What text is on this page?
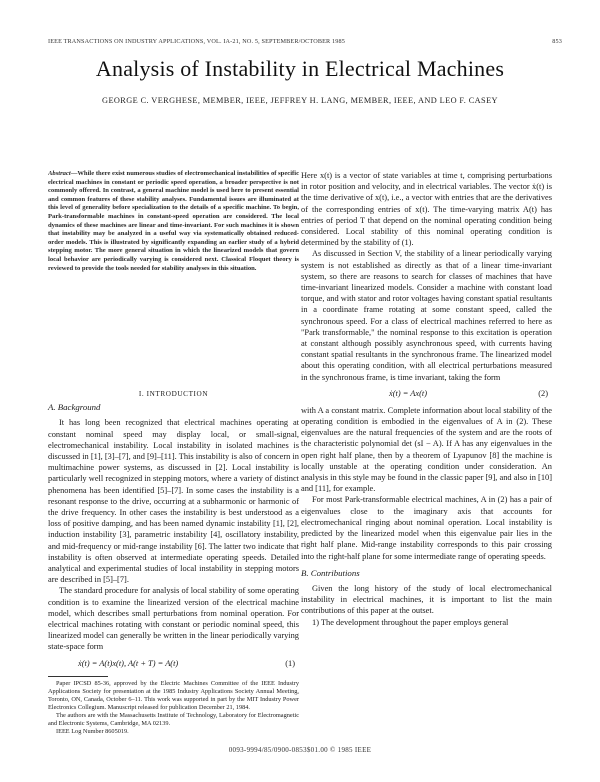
IEEE TRANSACTIONS ON INDUSTRY APPLICATIONS, VOL. IA-21, NO. 5, SEPTEMBER/OCTOBER 1985	853
Analysis of Instability in Electrical Machines
GEORGE C. VERGHESE, MEMBER, IEEE, JEFFREY H. LANG, MEMBER, IEEE, AND LEO F. CASEY
Abstract—While there exist numerous studies of electromechanical instabilities of specific electrical machines in constant or periodic speed operation, a broader perspective is not commonly offered. In contrast, a general machine model is used here to present essential and common features of these stability analyses. Fundamental issues are illuminated at this level of generality before specialization to the details of a specific machine. To begin, Park-transformable machines in constant-speed operation are considered. The local dynamics of these machines are linear and time-invariant. For such machines it is shown that instability may be analyzed in a useful way via systematically obtained reduced-order models. This is illustrated by significantly expanding an earlier study of a hybrid stepping motor. The more general situation in which the linearized models that govern local behavior are periodically varying is considered next. Classical Floquet theory is reviewed to provide the tools needed for stability analyses in this situation.
I. INTRODUCTION
A. Background

It has long been recognized that electrical machines operating at constant nominal speed may display local, or small-signal, electromechanical instability. Local instability in isolated machines is discussed in [1], [3]–[7], and [9]–[11]. This instability is also of concern in multimachine power systems, as discussed in [2]. Local instability is particularly well recognized in stepping motors, where a variety of distinct phenomena has been identified [5]–[7]. In some cases the instability is a resonant response to the drive, occurring at a subharmonic or harmonic of the drive frequency. In other cases the instability is best understood as a loss of positive damping, and has been named dynamic instability [1], [2], induction instability [3], parametric instability [4], oscillatory instability, and mid-frequency or mid-range instability [6]. The latter two indicate that instability is often observed at intermediate operating speeds. Detailed analytical and experimental studies of local instability in stepping motors are described in [5]–[7].

The standard procedure for analysis of local stability of some operating condition is to examine the linearized version of the electrical machine model, which describes small perturbations from nominal operation. For electrical machines rotating with constant or periodic nominal speed, this linearized model can generally be written in the linear periodically varying state-space form

ẋ(t) = A(t)x(t), A(t + T) = A(t)	(1)

Paper IPCSD 85-36, approved by the Electric Machines Committee of the IEEE Industry Applications Society for presentation at the 1985 Industry Applications Society Annual Meeting, Toronto, ON, Canada, October 6–11. This work was supported in part by the MIT Industry Power Electronics Collegium. Manuscript released for publication December 21, 1984.

The authors are with the Massachusetts Institute of Technology, Laboratory for Electromagnetic and Electronic Systems, Cambridge, MA 02139.

IEEE Log Number 8605019.

Here x(t) is a vector of state variables at time t, comprising perturbations in rotor position and velocity, and in electrical variables. The vector ẋ(t) is the time derivative of x(t), i.e., a vector with entries that are the derivatives of the corresponding entries of x(t). The time-varying matrix A(t) has entries of period T that depend on the nominal operating condition being considered. Local stability of this nominal operating condition is determined by the stability of (1).

As discussed in Section V, the stability of a linear periodically varying system is not established as directly as that of a linear time-invariant system, so there are reasons to search for classes of machines that have time-invariant linearized models. Consider a machine with constant load torque, and with stator and rotor voltages having constant spatial resultants in a coordinate frame rotating at some constant speed, called the synchronous speed. For a class of electrical machines referred to here as "Park transformable," the nominal response to this excitation is operation at constant although possibly asynchronous speed, with currents having constant spatial resultants in the synchronous frame. The linearized model about this operating condition, with all electrical perturbations measured in the synchronous frame, is time invariant, taking the form

ẋ(t) = Ax(t)	(2)

with A a constant matrix. Complete information about local stability of the operating condition is embodied in the eigenvalues of A in (2). These eigenvalues are the natural frequencies of the system and are the roots of the characteristic polynomial det (sI − A). If A has any eigenvalues in the open right half plane, then by a theorem of Lyapunov [8] the machine is locally unstable at the operating condition under consideration. An analysis in this style may be found in the classic paper [9], and also in [10] and [11], for example.

For most Park-transformable electrical machines, A in (2) has a pair of eigenvalues close to the imaginary axis that accounts for electromechanical ringing about nominal operation. Local instability is predicted by the linearized model when this eigenvalue pair lies in the right half plane. Mid-range instability corresponds to this pair crossing into the right-half plane for some intermediate range of operating speeds.

B. Contributions

Given the long history of the study of local electromechanical instability in electrical machines, it is important to list the main contributions of this paper at the outset.

1) The development throughout the paper employs general

0093-9994/85/0900-0853$01.00 © 1985 IEEE
